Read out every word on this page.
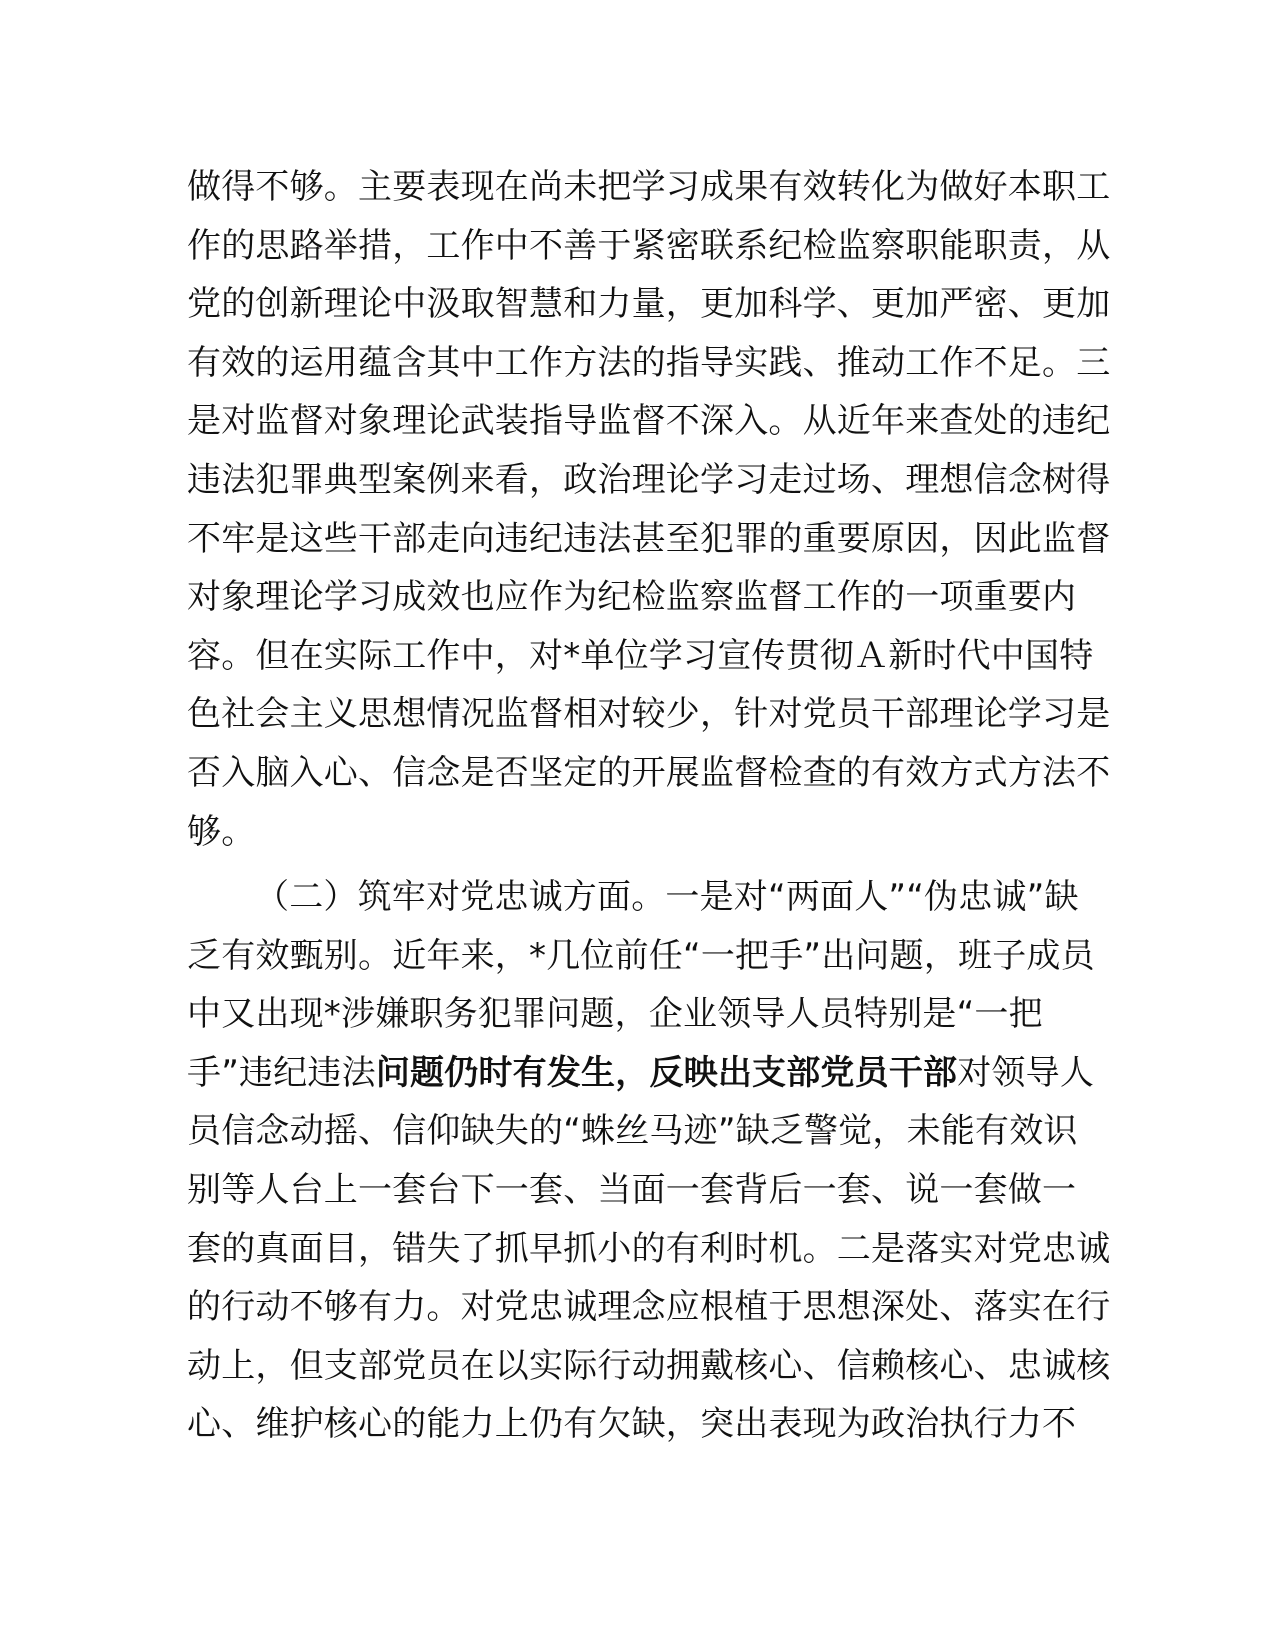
做得不够。主要表现在尚未把学习成果有效转化为做好本职工
作的思路举措，工作中不善于紧密联系纪检监察职能职责，从
党的创新理论中汲取智慧和力量，更加科学、更加严密、更加
有效的运用蕴含其中工作方法的指导实践、推动工作不足。三
是对监督对象理论武装指导监督不深入。从近年来查处的违纪
违法犯罪典型案例来看，政治理论学习走过场、理想信念树得
不牢是这些干部走向违纪违法甚至犯罪的重要原因，因此监督
对象理论学习成效也应作为纪检监察监督工作的一项重要内
容。但在实际工作中，对*单位学习宣传贯彻Ａ新时代中国特
色社会主义思想情况监督相对较少，针对党员干部理论学习是
否入脑入心、信念是否坚定的开展监督检查的有效方式方法不
够。
（二）筑牢对党忠诚方面。一是对“两面人”“伪忠诚”缺
乏有效甄别。近年来，*几位前任“一把手”出问题，班子成员
中又出现*涉嫌职务犯罪问题，企业领导人员特别是“一把
手”违纪违法问题仍时有发生，反映出支部党员干部对领导人
员信念动摇、信仰缺失的“蛛丝马迹”缺乏警觉，未能有效识
别等人台上一套台下一套、当面一套背后一套、说一套做一
套的真面目，错失了抓早抓小的有利时机。二是落实对党忠诚
的行动不够有力。对党忠诚理念应根植于思想深处、落实在行
动上，但支部党员在以实际行动拥戴核心、信赖核心、忠诚核
心、维护核心的能力上仍有欠缺，突出表现为政治执行力不
